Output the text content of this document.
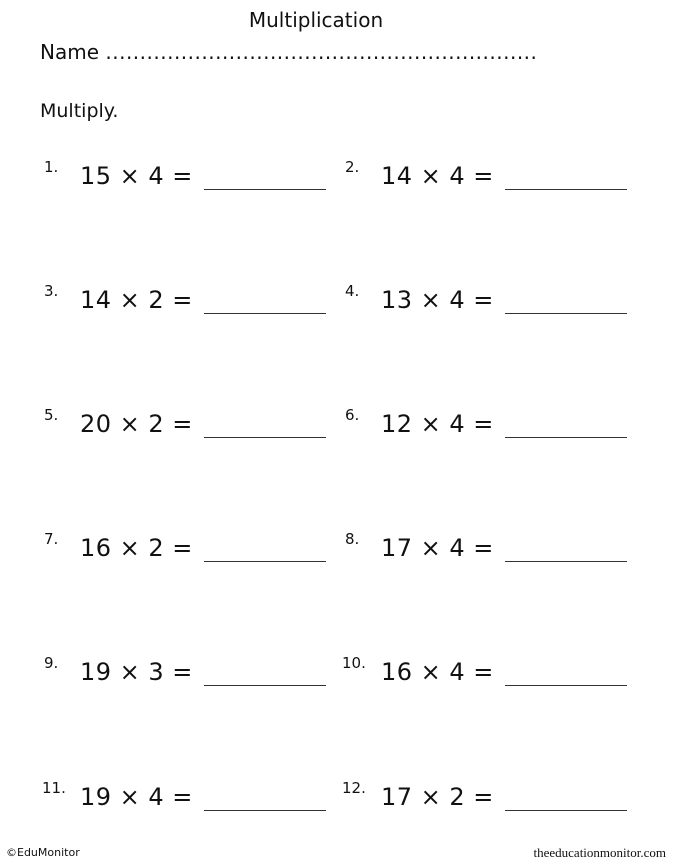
Multiplication
Name ...............................................................
Multiply.
1. 15 × 4 =	2. 14 × 4 =
3. 14 × 2 =	4. 13 × 4 =
5. 20 × 2 =	6. 12 × 4 =
7. 16 × 2 =	8. 17 × 4 =
9. 19 × 3 =	10. 16 × 4 =
11. 19 × 4 =	12. 17 × 2 =
©EduMonitor	theeducationmonitor.com
